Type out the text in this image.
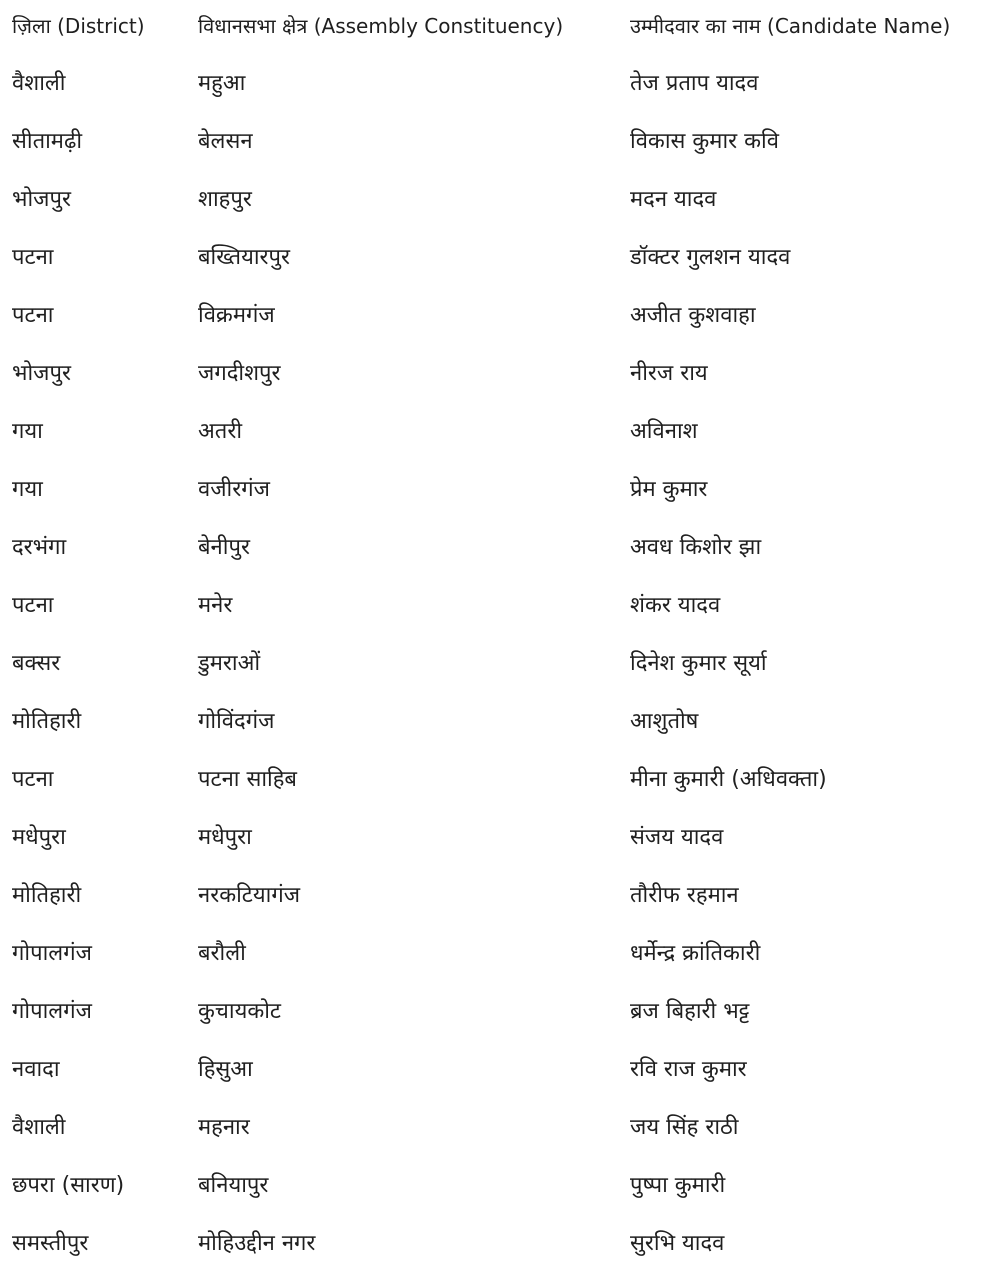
ज़िला (District)	विधानसभा क्षेत्र (Assembly Constituency)	उम्मीदवार का नाम (Candidate Name)
वैशाली	महुआ	तेज प्रताप यादव
सीतामढ़ी	बेलसन	विकास कुमार कवि
भोजपुर	शाहपुर	मदन यादव
पटना	बख्तियारपुर	डॉक्टर गुलशन यादव
पटना	विक्रमगंज	अजीत कुशवाहा
भोजपुर	जगदीशपुर	नीरज राय
गया	अतरी	अविनाश
गया	वजीरगंज	प्रेम कुमार
दरभंगा	बेनीपुर	अवध किशोर झा
पटना	मनेर	शंकर यादव
बक्सर	डुमराओं	दिनेश कुमार सूर्या
मोतिहारी	गोविंदगंज	आशुतोष
पटना	पटना साहिब	मीना कुमारी (अधिवक्ता)
मधेपुरा	मधेपुरा	संजय यादव
मोतिहारी	नरकटियागंज	तौरीफ रहमान
गोपालगंज	बरौली	धर्मेन्द्र क्रांतिकारी
गोपालगंज	कुचायकोट	ब्रज बिहारी भट्ट
नवादा	हिसुआ	रवि राज कुमार
वैशाली	महनार	जय सिंह राठी
छपरा (सारण)	बनियापुर	पुष्पा कुमारी
समस्तीपुर	मोहिउद्दीन नगर	सुरभि यादव
